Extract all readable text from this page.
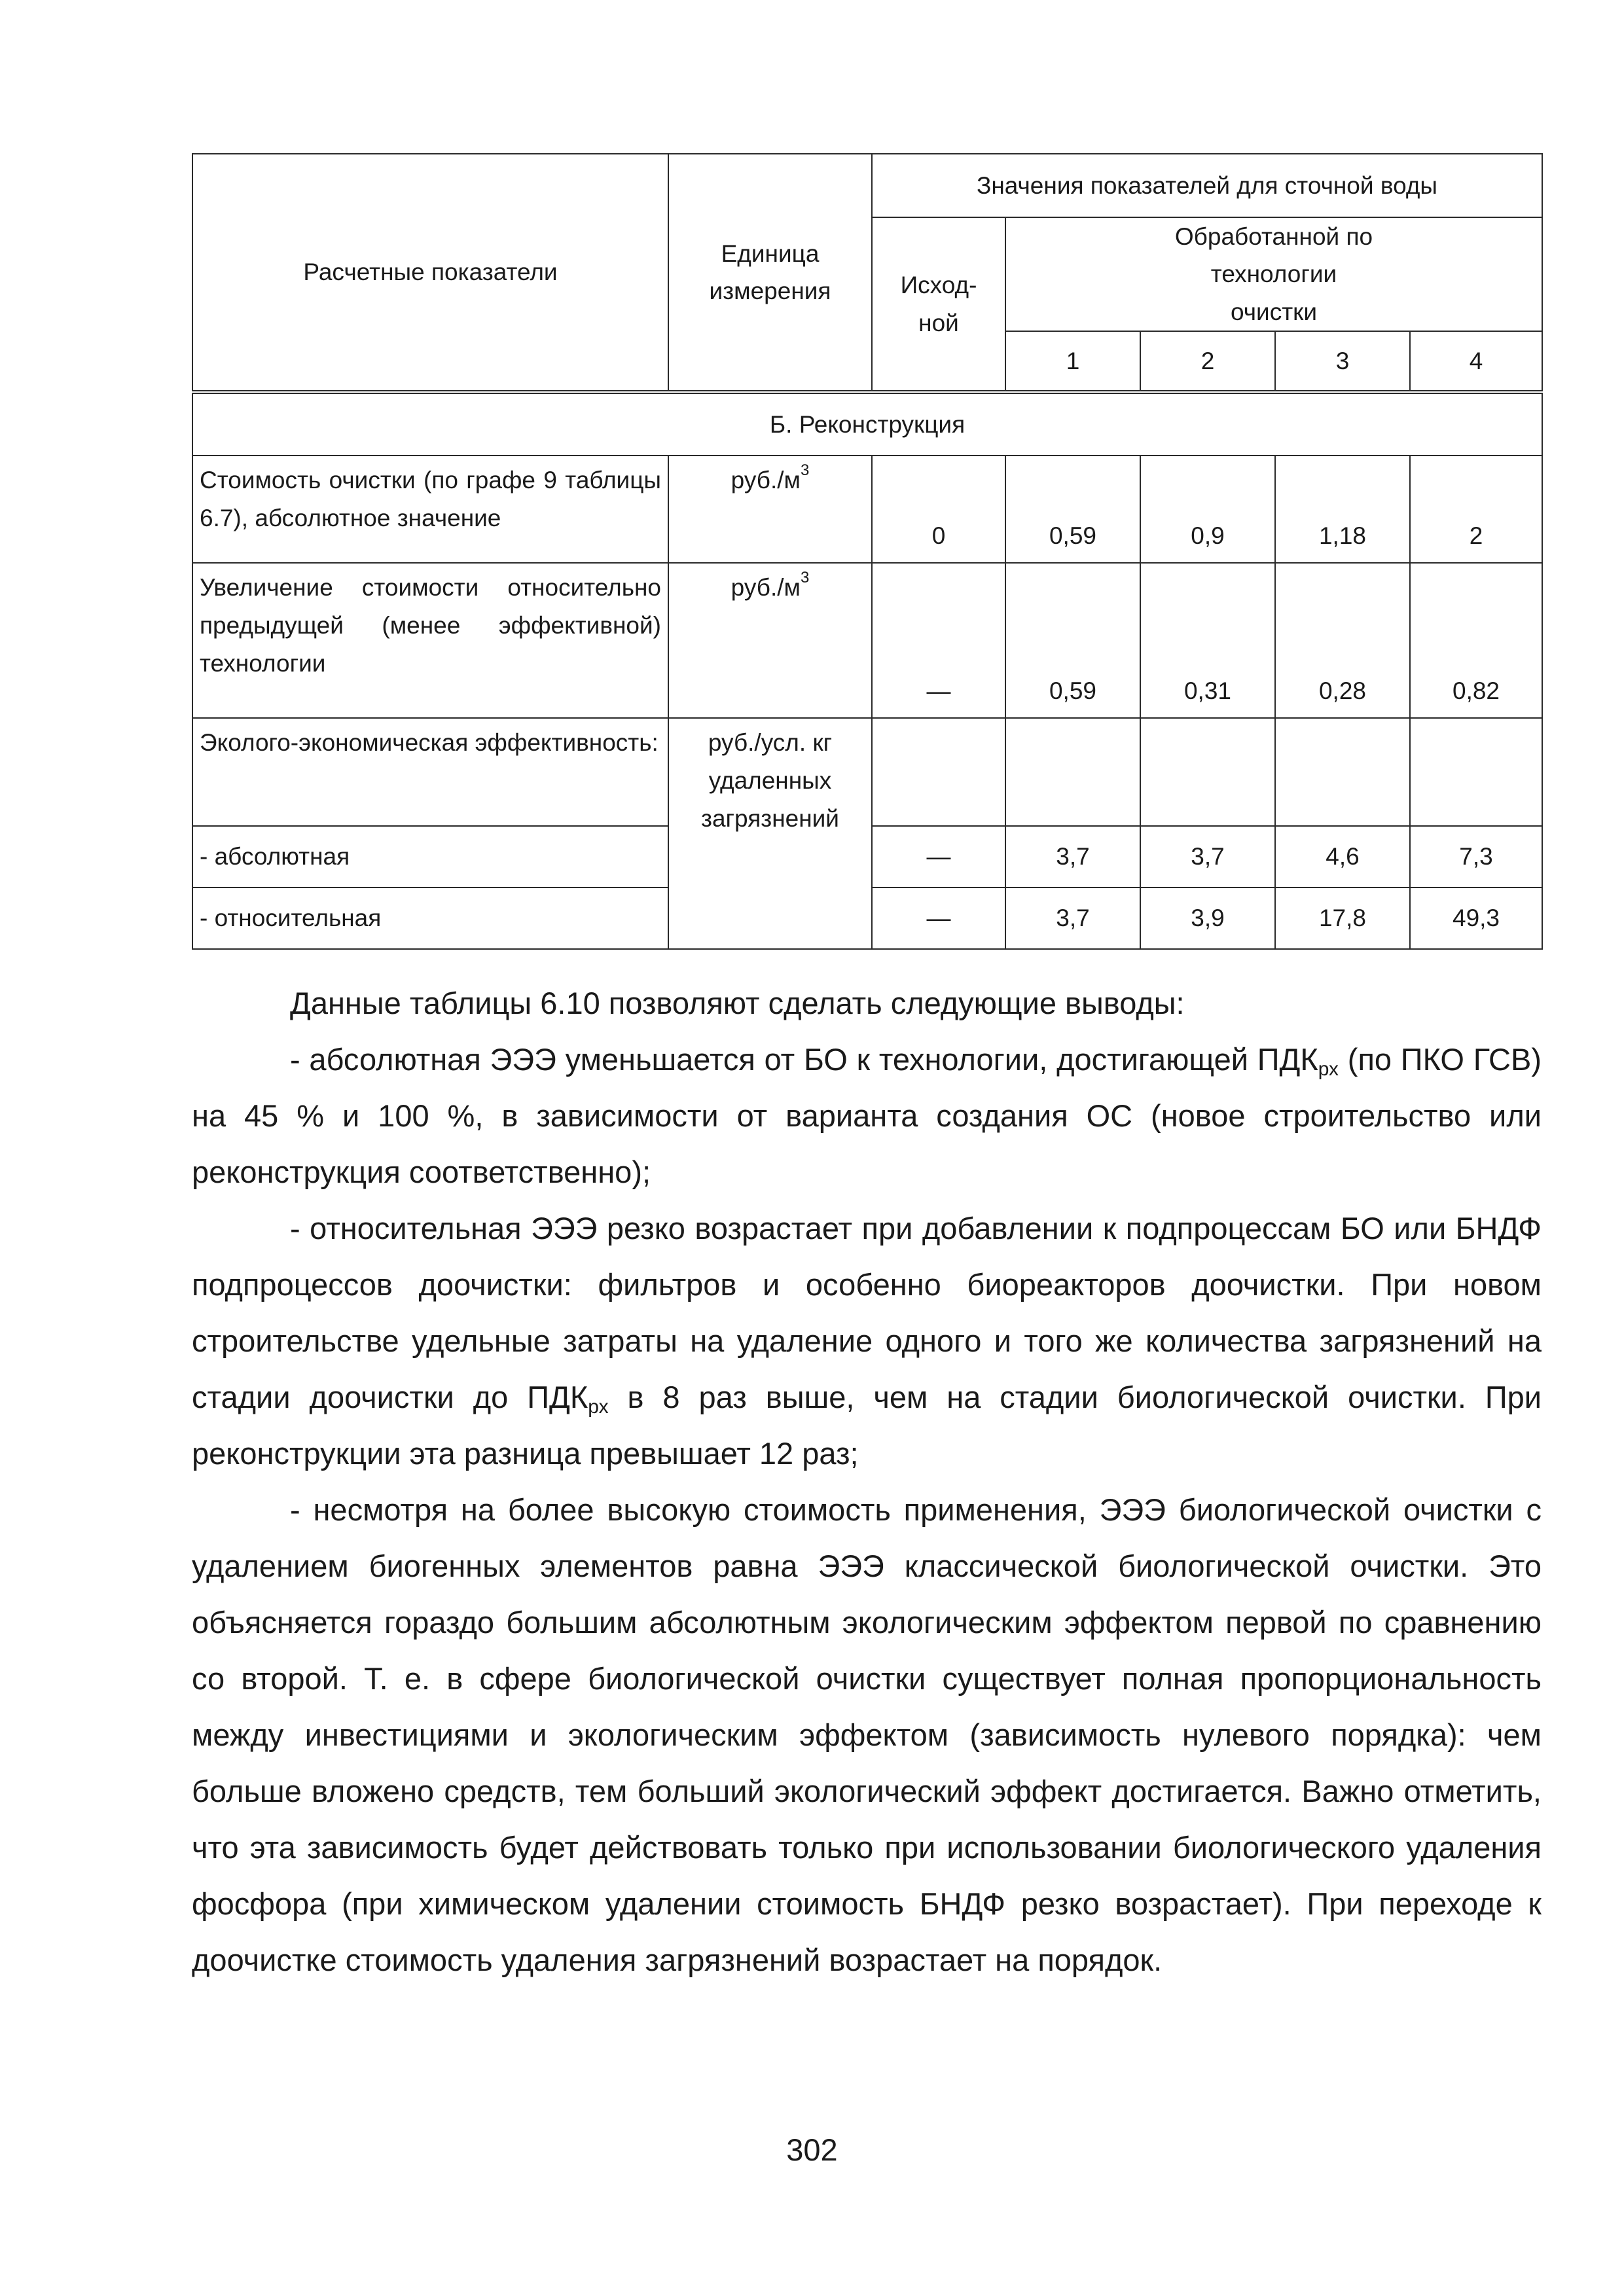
Расчетные показатели	Единица измерения	Значения показателей для сточной воды				
		Исход-ной	Обработанной по технологии очистки			
			1	2	3	4
Б. Реконструкция						
Стоимость очистки (по графе 9 таблицы 6.7), абсолютное значение	$руб./м^3$	0	0,59	0,9	1,18	2
Увеличение стоимости относительно предыдущей (менее эффективной) технологии	$руб./м^3$	—	0,59	0,31	0,28	0,82
Эколого-экономическая эффективность:	руб./усл. кг удаленных загрязнений					
- абсолютная		—	3,7	3,7	4,6	7,3
- относительная		—	3,7	3,9	17,8	49,3

Данные таблицы 6.10 позволяют сделать следующие выводы:

- абсолютная ЭЭЭ уменьшается от БО к технологии, достигающей $ПДК_{рх}$ (по ПКО ГСВ) на 45 % и 100 %, в зависимости от варианта создания ОС (новое строительство или реконструкция соответственно);

- относительная ЭЭЭ резко возрастает при добавлении к подпроцессам БО или БНДФ подпроцессов доочистки: фильтров и особенно биореакторов доочистки. При новом строительстве удельные затраты на удаление одного и того же количества загрязнений на стадии доочистки до $ПДК_{рх}$ в 8 раз выше, чем на стадии биологической очистки. При реконструкции эта разница превышает 12 раз;

- несмотря на более высокую стоимость применения, ЭЭЭ биологической очистки с удалением биогенных элементов равна ЭЭЭ классической биологической очистки. Это объясняется гораздо большим абсолютным экологическим эффектом первой по сравнению со второй. Т. е. в сфере биологической очистки существует полная пропорциональность между инвестициями и экологическим эффектом (зависимость нулевого порядка): чем больше вложено средств, тем больший экологический эффект достигается. Важно отметить, что эта зависимость будет действовать только при использовании биологического удаления фосфора (при химическом удалении стоимость БНДФ резко возрастает). При переходе к доочистке стоимость удаления загрязнений возрастает на порядок.

302
